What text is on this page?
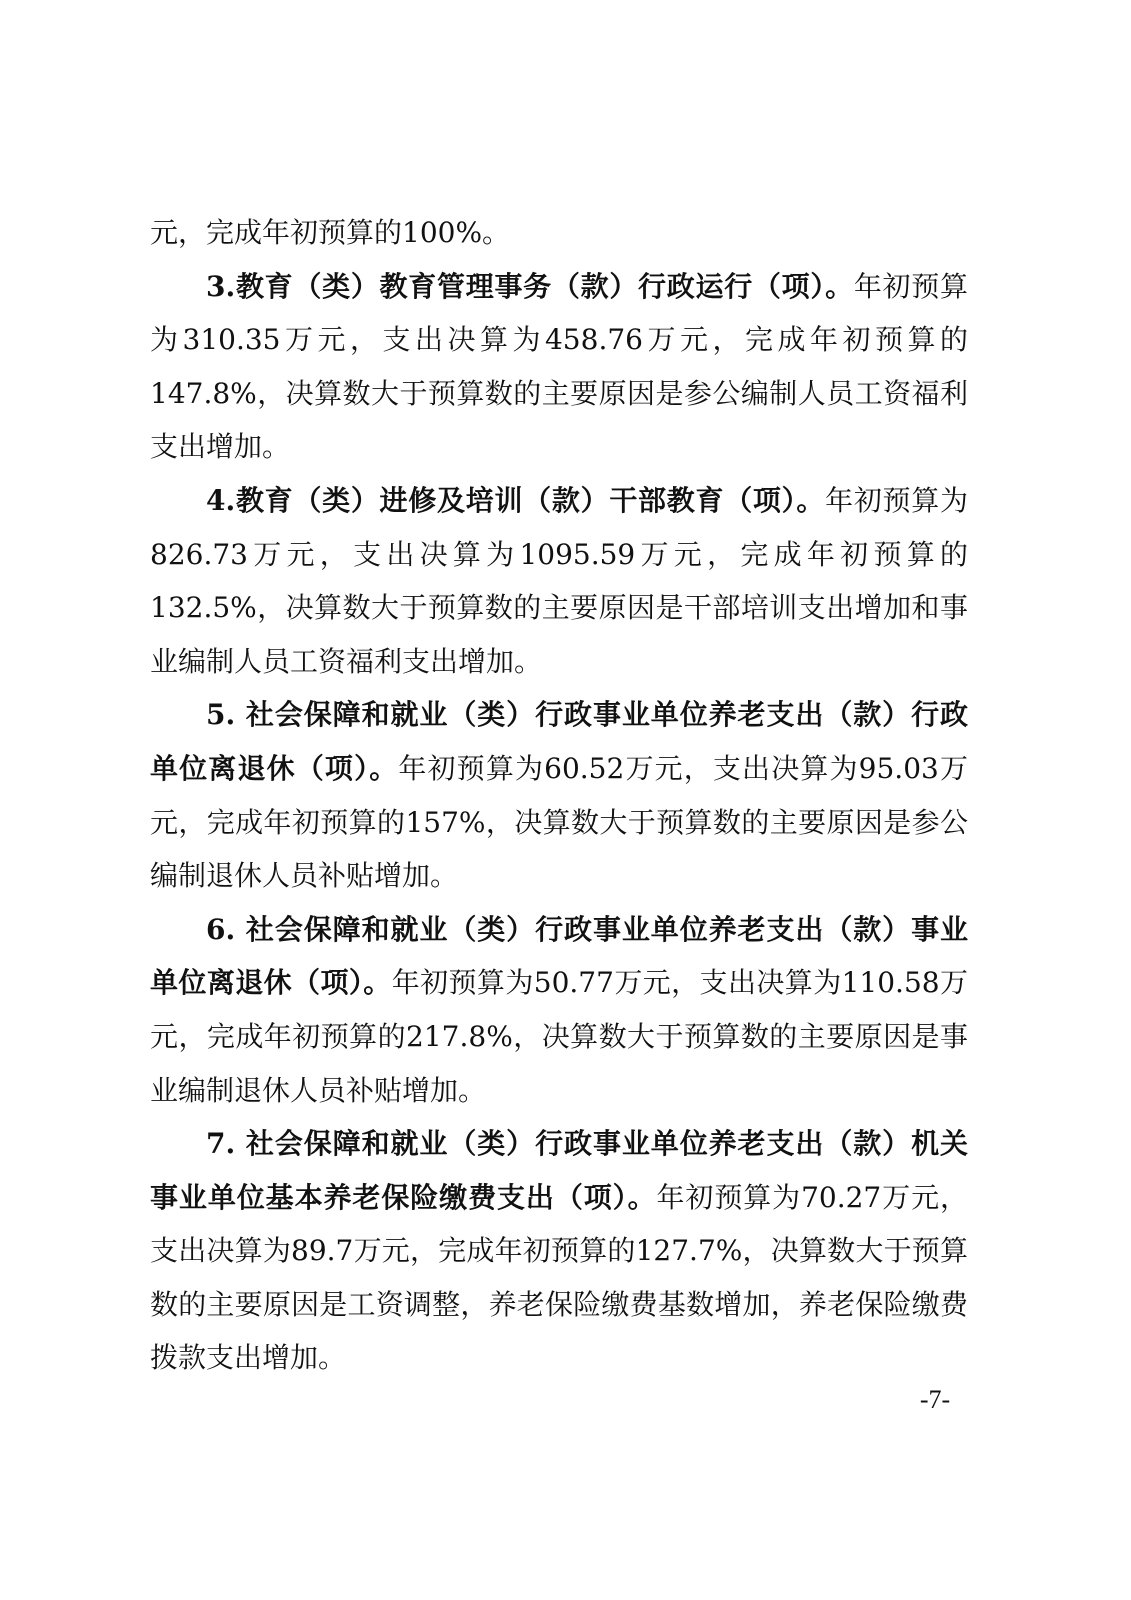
元，完成年初预算的100%。

3.教育（类）教育管理事务（款）行政运行（项）。年初预算为310.35万元，支出决算为458.76万元，完成年初预算的147.8%，决算数大于预算数的主要原因是参公编制人员工资福利支出增加。

4.教育（类）进修及培训（款）干部教育（项）。年初预算为826.73万元，支出决算为1095.59万元，完成年初预算的132.5%，决算数大于预算数的主要原因是干部培训支出增加和事业编制人员工资福利支出增加。

5. 社会保障和就业（类）行政事业单位养老支出（款）行政单位离退休（项）。年初预算为60.52万元，支出决算为95.03万元，完成年初预算的157%，决算数大于预算数的主要原因是参公编制退休人员补贴增加。

6. 社会保障和就业（类）行政事业单位养老支出（款）事业单位离退休（项）。年初预算为50.77万元，支出决算为110.58万元，完成年初预算的217.8%，决算数大于预算数的主要原因是事业编制退休人员补贴增加。

7. 社会保障和就业（类）行政事业单位养老支出（款）机关事业单位基本养老保险缴费支出（项）。年初预算为70.27万元，支出决算为89.7万元，完成年初预算的127.7%，决算数大于预算数的主要原因是工资调整，养老保险缴费基数增加，养老保险缴费拨款支出增加。

-7-
